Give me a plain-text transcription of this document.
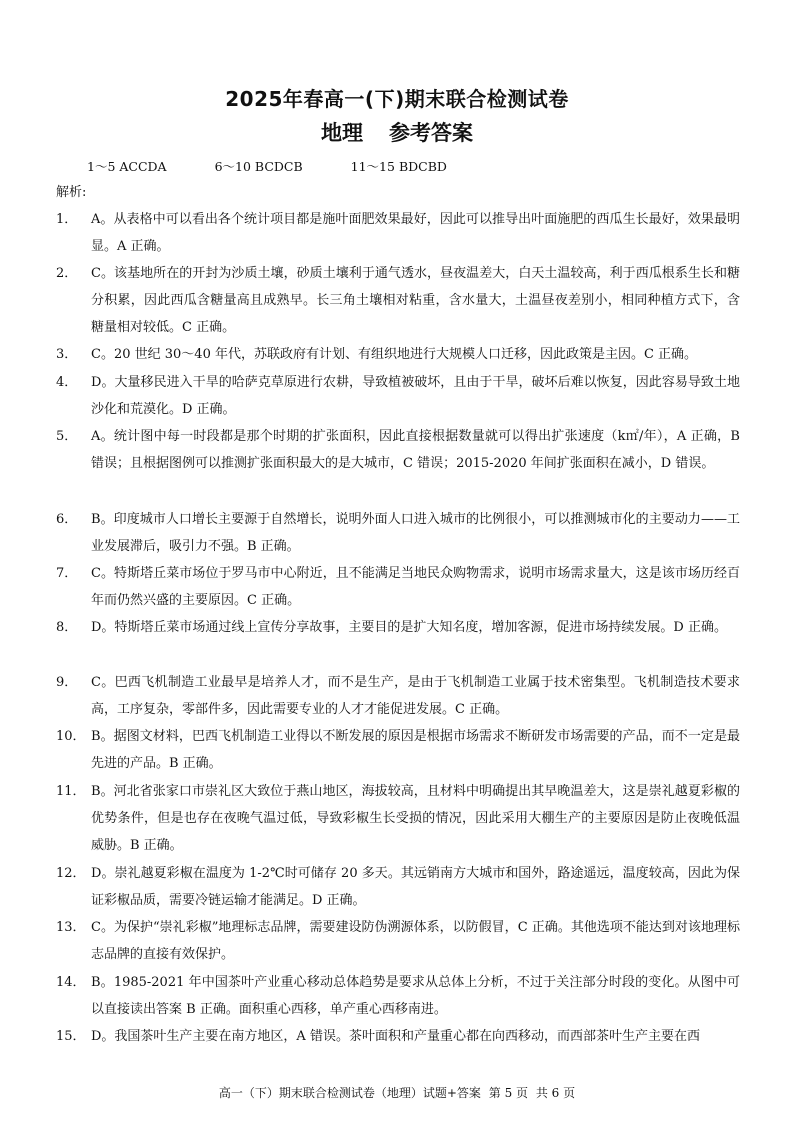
2025年春高一(下)期末联合检测试卷
地理 参考答案
1～5 ACCDA	6～10 BCDCB	11～15 BDCBD
解析:
1．	A。从表格中可以看出各个统计项目都是施叶面肥效果最好，因此可以推导出叶面施肥的西瓜生长最好，效果最明显。A 正确。
2．	C。该基地所在的开封为沙质土壤，砂质土壤利于通气透水，昼夜温差大，白天土温较高，利于西瓜根系生长和糖分积累，因此西瓜含糖量高且成熟早。长三角土壤相对粘重，含水量大，土温昼夜差别小，相同种植方式下，含糖量相对较低。C 正确。
3．	C。20 世纪 30～40 年代，苏联政府有计划、有组织地进行大规模人口迁移，因此政策是主因。C 正确。
4．	D。大量移民进入干旱的哈萨克草原进行农耕，导致植被破坏，且由于干旱，破坏后难以恢复，因此容易导致土地沙化和荒漠化。D 正确。
5．	A。统计图中每一时段都是那个时期的扩张面积，因此直接根据数量就可以得出扩张速度（k㎡/年），A 正确，B 错误；且根据图例可以推测扩张面积最大的是大城市，C 错误；2015-2020 年间扩张面积在减小，D 错误。
6．	B。印度城市人口增长主要源于自然增长，说明外面人口进入城市的比例很小，可以推测城市化的主要动力——工业发展滞后，吸引力不强。B 正确。
7．	C。特斯塔丘菜市场位于罗马市中心附近，且不能满足当地民众购物需求，说明市场需求量大，这是该市场历经百年而仍然兴盛的主要原因。C 正确。
8．	D。特斯塔丘菜市场通过线上宣传分享故事，主要目的是扩大知名度，增加客源，促进市场持续发展。D 正确。
9．	C。巴西飞机制造工业最早是培养人才，而不是生产，是由于飞机制造工业属于技术密集型。飞机制造技术要求高，工序复杂，零部件多，因此需要专业的人才才能促进发展。C 正确。
10． B。据图文材料，巴西飞机制造工业得以不断发展的原因是根据市场需求不断研发市场需要的产品，而不一定是最先进的产品。B 正确。
11． B。河北省张家口市崇礼区大致位于燕山地区，海拔较高，且材料中明确提出其早晚温差大，这是崇礼越夏彩椒的优势条件，但是也存在夜晚气温过低，导致彩椒生长受损的情况，因此采用大棚生产的主要原因是防止夜晚低温威胁。B 正确。
12． D。崇礼越夏彩椒在温度为 1-2℃时可储存 20 多天。其远销南方大城市和国外，路途遥远，温度较高，因此为保证彩椒品质，需要冷链运输才能满足。D 正确。
13． C。为保护“崇礼彩椒”地理标志品牌，需要建设防伪溯源体系，以防假冒，C 正确。其他选项不能达到对该地理标志品牌的直接有效保护。
14． B。1985-2021 年中国茶叶产业重心移动总体趋势是要求从总体上分析，不过于关注部分时段的变化。从图中可以直接读出答案 B 正确。面积重心西移，单产重心西移南进。
15． D。我国茶叶生产主要在南方地区，A 错误。茶叶面积和产量重心都在向西移动，而西部茶叶生产主要在西
高一（下）期末联合检测试卷（地理）试题+答案 第 5 页 共 6 页
